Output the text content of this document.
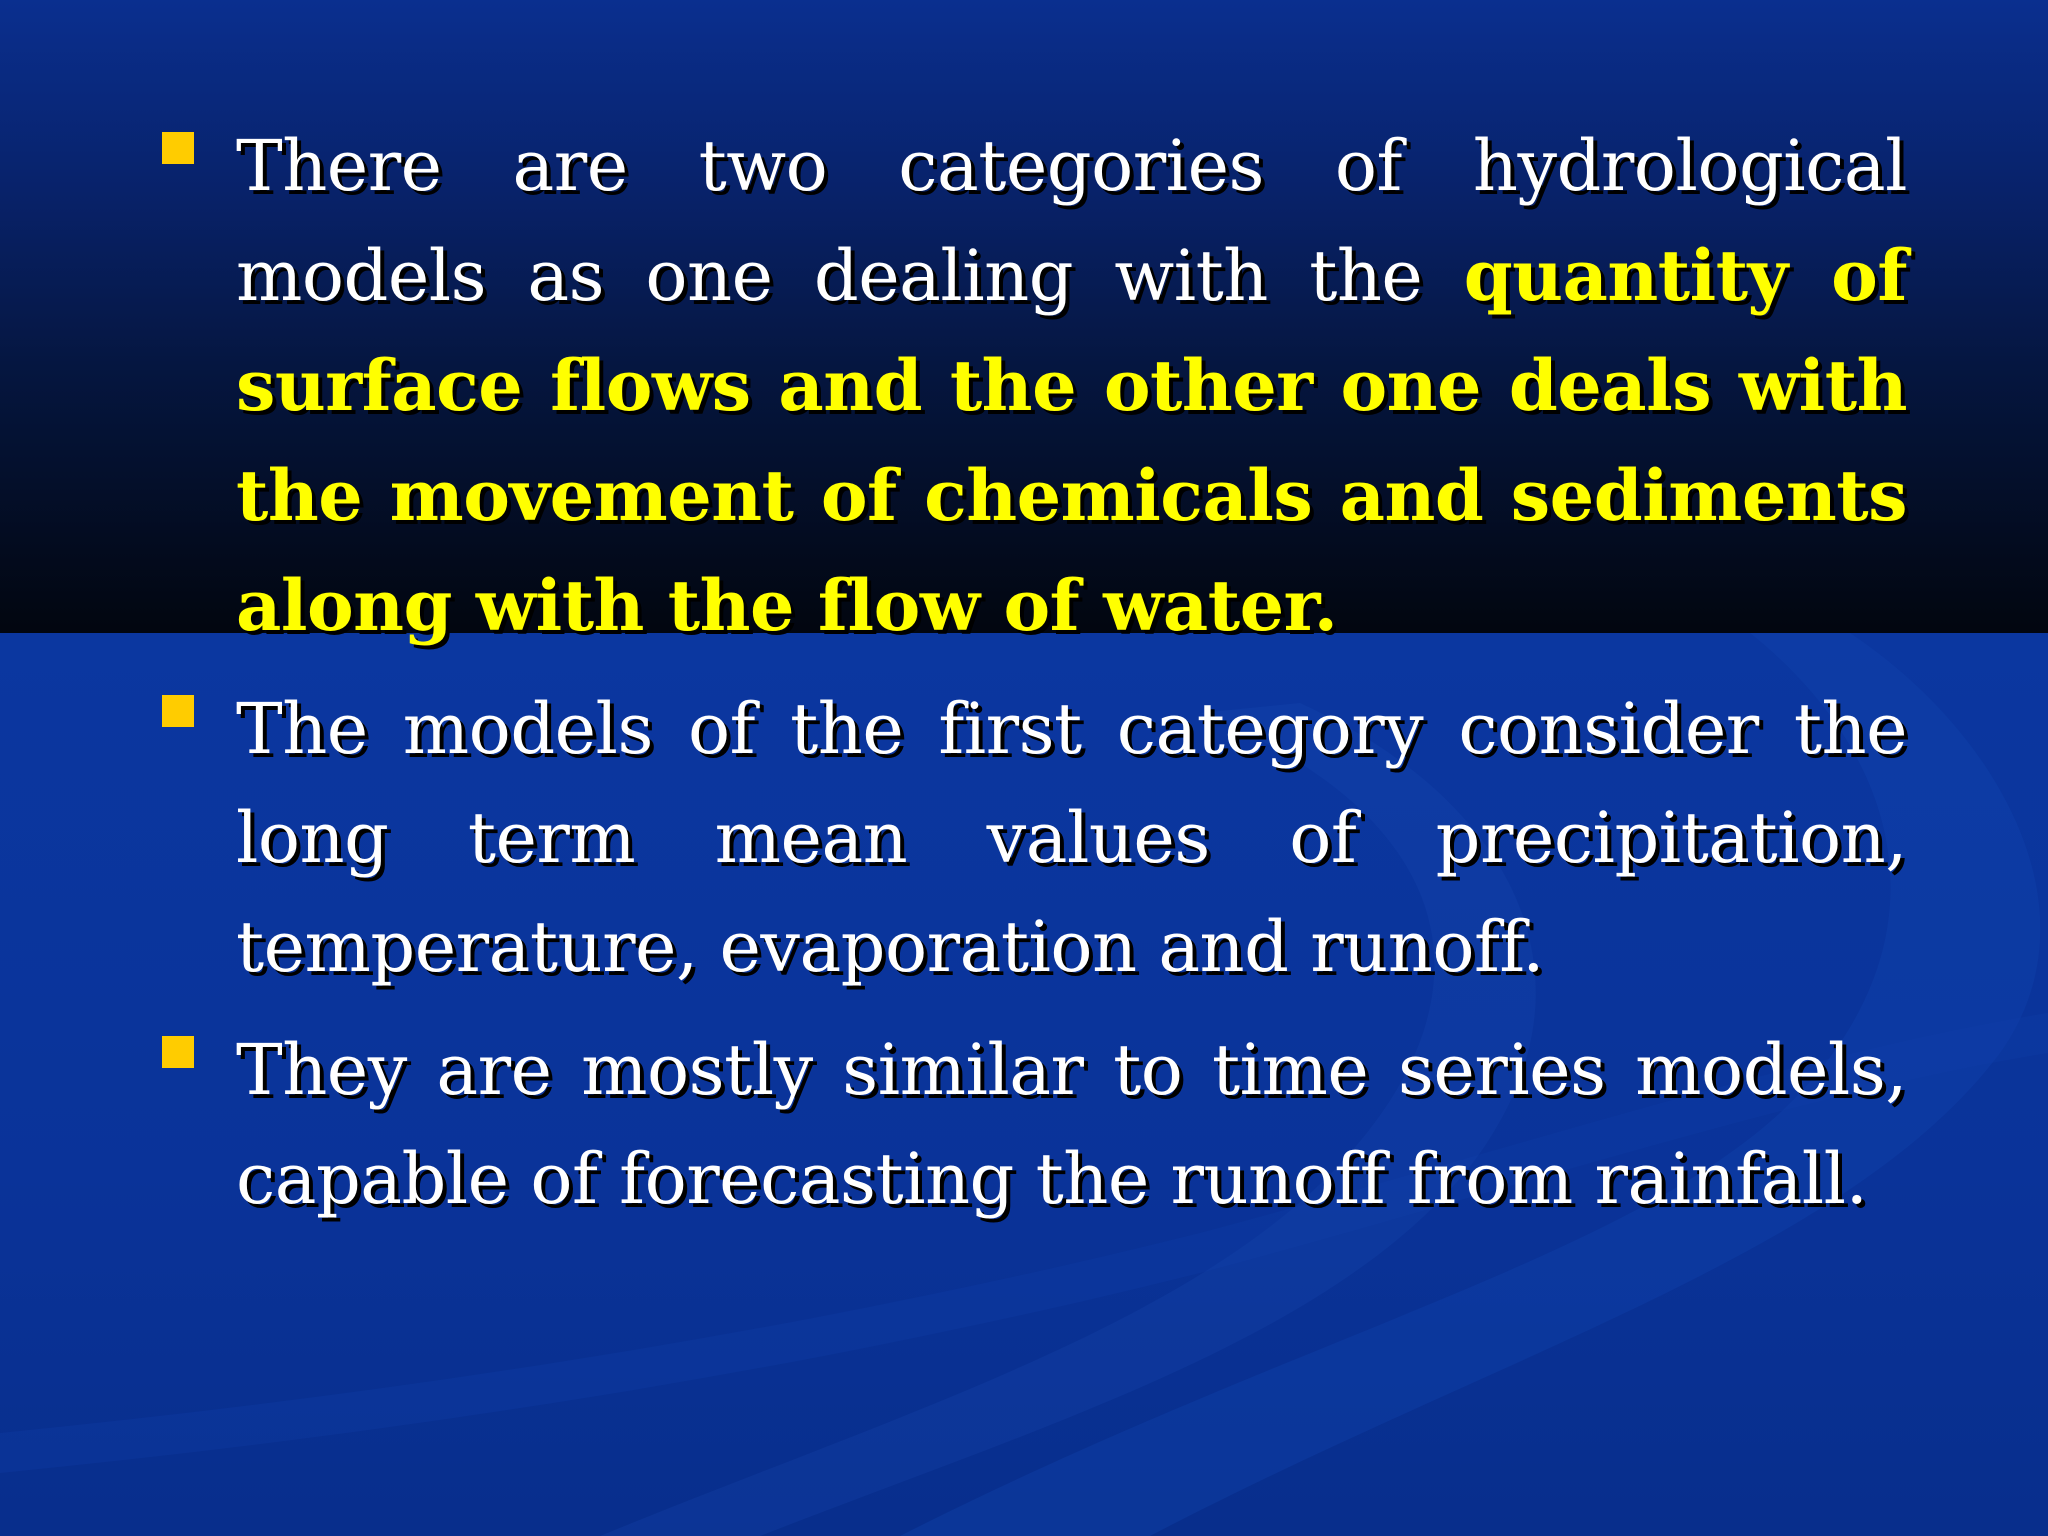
There are two categories of hydrological models as one dealing with the quantity of surface flows and the other one deals with the movement of chemicals and sediments along with the flow of water.
The models of the first category consider the long term mean values of precipitation, temperature, evaporation and runoff.
They are mostly similar to time series models, capable of forecasting the runoff from rainfall.
